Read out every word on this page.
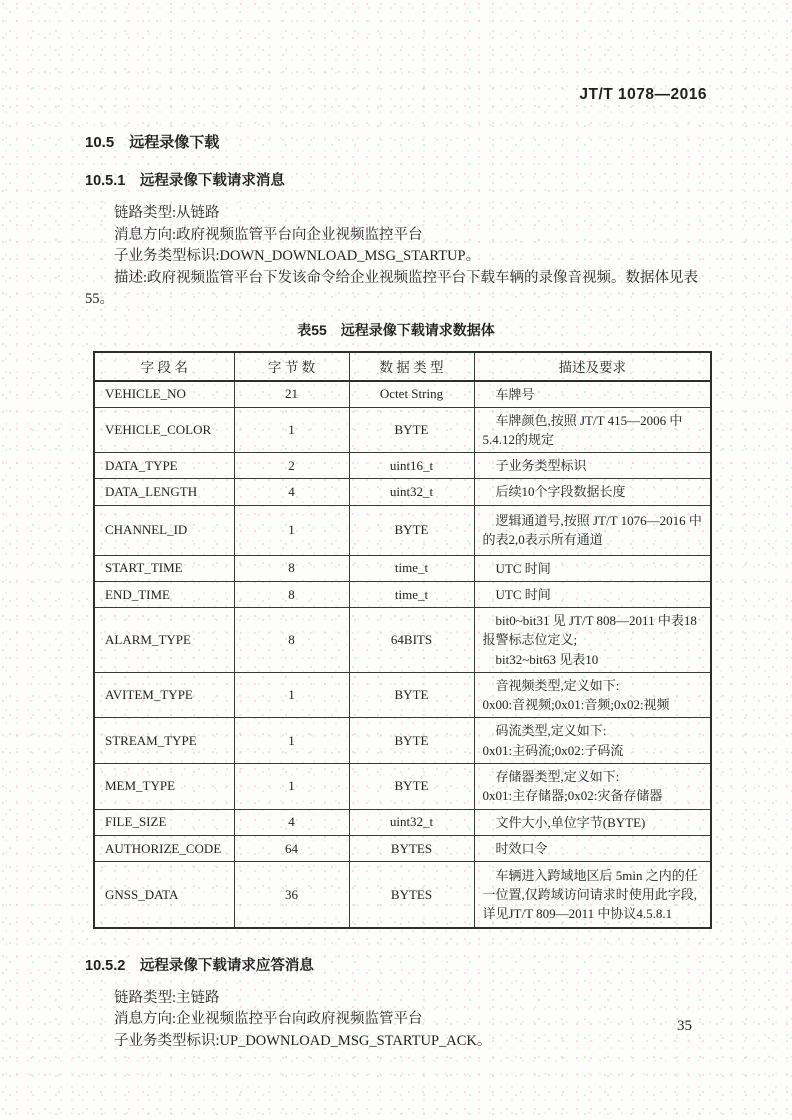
JT/T 1078—2016
10.5　远程录像下载
10.5.1　远程录像下载请求消息

链路类型:从链路

消息方向:政府视频监管平台向企业视频监控平台

子业务类型标识:DOWN_DOWNLOAD_MSG_STARTUP。

描述:政府视频监管平台下发该命令给企业视频监控平台下载车辆的录像音视频。数据体见表55。

表55　远程录像下载请求数据体
字 段 名	字 节 数	数 据 类 型	描述及要求
VEHICLE_NO	21	Octet String	车牌号

VEHICLE_COLOR	1	BYTE	车牌颜色,按照 JT/T 415—2006 中5.4.12的规定

DATA_TYPE	2	uint16_t	子业务类型标识

DATA_LENGTH	4	uint32_t	后续10个字段数据长度

CHANNEL_ID	1	BYTE	逻辑通道号,按照 JT/T 1076—2016 中的表2,0表示所有通道

START_TIME	8	time_t	UTC 时间

END_TIME	8	time_t	UTC 时间

ALARM_TYPE	8	64BITS	bit0~bit31 见 JT/T 808—2011 中表18报警标志位定义;

bit32~bit63 见表10

AVITEM_TYPE	1	BYTE	音视频类型,定义如下:

0x00:音视频;0x01:音频;0x02:视频

STREAM_TYPE	1	BYTE	码流类型,定义如下:

0x01:主码流;0x02:子码流

MEM_TYPE	1	BYTE	存储器类型,定义如下:

0x01:主存储器;0x02:灾备存储器

FILE_SIZE	4	uint32_t	文件大小,单位字节(BYTE)

AUTHORIZE_CODE	64	BYTES	时效口令

GNSS_DATA	36	BYTES	车辆进入跨域地区后 5min 之内的任一位置,仅跨域访问请求时使用此字段,详见JT/T 809—2011 中协议4.5.8.1

10.5.2　远程录像下载请求应答消息

链路类型:主链路

消息方向:企业视频监控平台向政府视频监管平台

子业务类型标识:UP_DOWNLOAD_MSG_STARTUP_ACK。

35
